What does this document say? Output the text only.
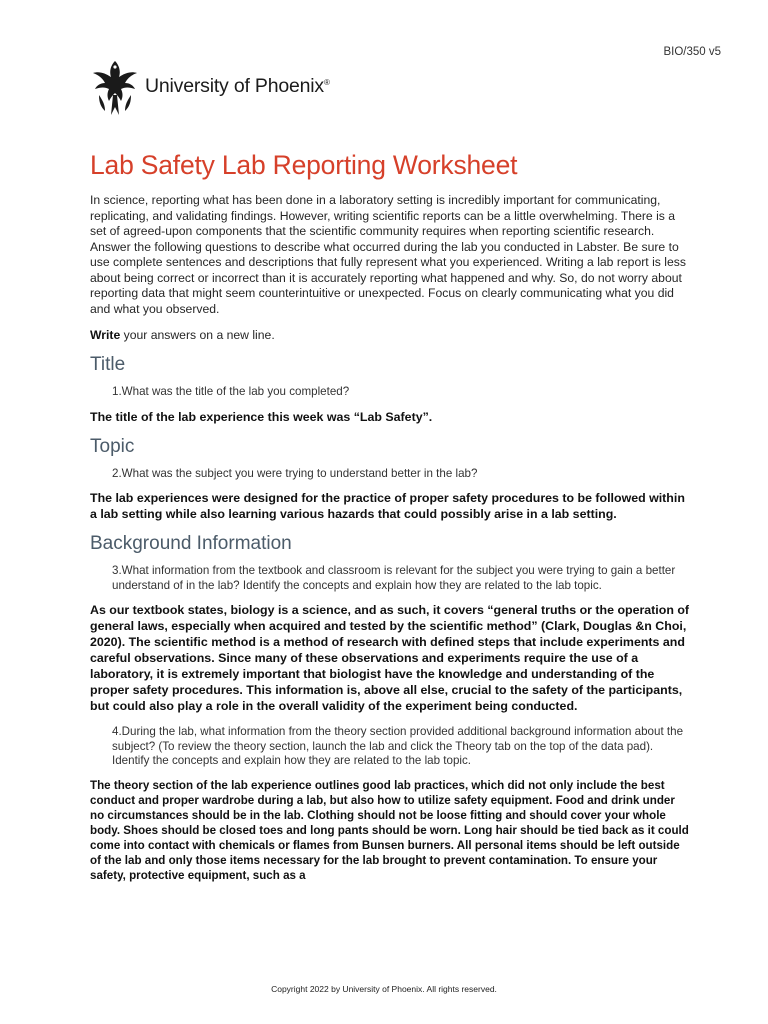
BIO/350 v5
University of Phoenix®
Lab Safety Lab Reporting Worksheet

In science, reporting what has been done in a laboratory setting is incredibly important for communicating, replicating, and validating findings. However, writing scientific reports can be a little overwhelming. There is a set of agreed-upon components that the scientific community requires when reporting scientific research. Answer the following questions to describe what occurred during the lab you conducted in Labster. Be sure to use complete sentences and descriptions that fully represent what you experienced. Writing a lab report is less about being correct or incorrect than it is accurately reporting what happened and why. So, do not worry about reporting data that might seem counterintuitive or unexpected. Focus on clearly communicating what you did and what you observed.

Write your answers on a new line.

Title

1.What was the title of the lab you completed?

The title of the lab experience this week was “Lab Safety”.

Topic

2.What was the subject you were trying to understand better in the lab?

The lab experiences were designed for the practice of proper safety procedures to be followed within a lab setting while also learning various hazards that could possibly arise in a lab setting.

Background Information

3.What information from the textbook and classroom is relevant for the subject you were trying to gain a better understand of in the lab? Identify the concepts and explain how they are related to the lab topic.

As our textbook states, biology is a science, and as such, it covers “general truths or the operation of general laws, especially when acquired and tested by the scientific method” (Clark, Douglas &n Choi, 2020). The scientific method is a method of research with defined steps that include experiments and careful observations. Since many of these observations and experiments require the use of a laboratory, it is extremely important that biologist have the knowledge and understanding of the proper safety procedures. This information is, above all else, crucial to the safety of the participants, but could also play a role in the overall validity of the experiment being conducted.

4.During the lab, what information from the theory section provided additional background information about the subject? (To review the theory section, launch the lab and click the Theory tab on the top of the data pad). Identify the concepts and explain how they are related to the lab topic.

The theory section of the lab experience outlines good lab practices, which did not only include the best conduct and proper wardrobe during a lab, but also how to utilize safety equipment. Food and drink under no circumstances should be in the lab. Clothing should not be loose fitting and should cover your whole body. Shoes should be closed toes and long pants should be worn. Long hair should be tied back as it could come into contact with chemicals or flames from Bunsen burners. All personal items should be left outside of the lab and only those items necessary for the lab brought to prevent contamination. To ensure your safety, protective equipment, such as a

Copyright 2022 by University of Phoenix. All rights reserved.
